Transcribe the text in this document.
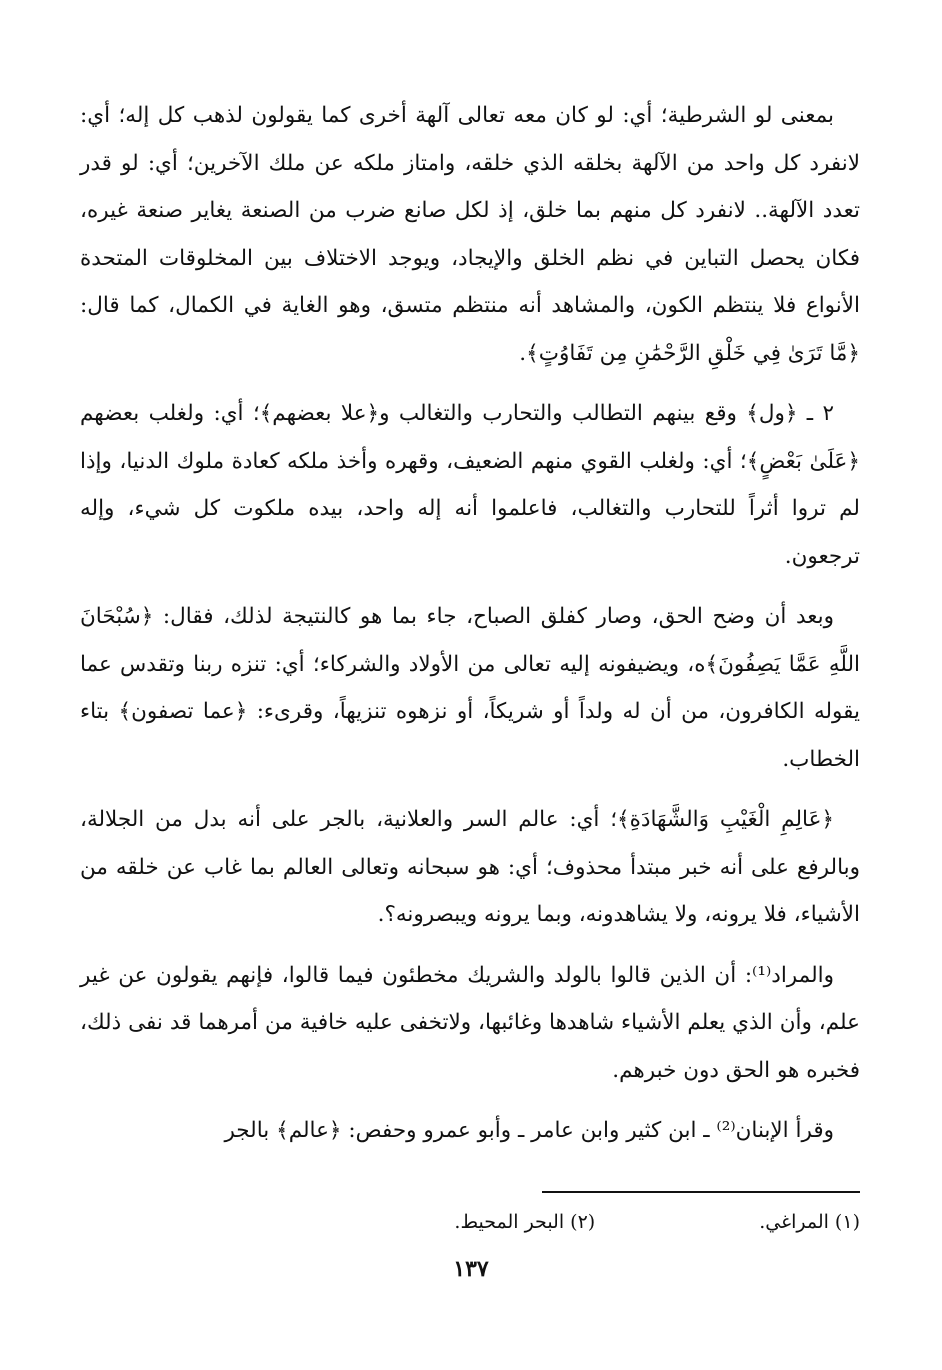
بمعنى لو الشرطية؛ أي: لو كان معه تعالى آلهة أخرى كما يقولون لذهب كل إله؛ أي: لانفرد كل واحد من الآلهة بخلقه الذي خلقه، وامتاز ملكه عن ملك الآخرين؛ أي: لو قدر تعدد الآلهة.. لانفرد كل منهم بما خلق، إذ لكل صانع ضرب من الصنعة يغاير صنعة غيره، فكان يحصل التباين في نظم الخلق والإيجاد، ويوجد الاختلاف بين المخلوقات المتحدة الأنواع فلا ينتظم الكون، والمشاهد أنه منتظم متسق، وهو الغاية في الكمال، كما قال: ﴿مَّا تَرَىٰ فِي خَلْقِ الرَّحْمَٰنِ مِن تَفَاوُتٍ﴾.

٢ ـ ﴿ول﴾ وقع بينهم التطالب والتحارب والتغالب و﴿علا بعضهم﴾؛ أي: ولغلب بعضهم ﴿عَلَىٰ بَعْضٍ﴾؛ أي: ولغلب القوي منهم الضعيف، وقهره وأخذ ملكه كعادة ملوك الدنيا، وإذا لم تروا أثراً للتحارب والتغالب، فاعلموا أنه إله واحد، بيده ملكوت كل شيء، وإله ترجعون.

وبعد أن وضح الحق، وصار كفلق الصباح، جاء بما هو كالنتيجة لذلك، فقال: ﴿سُبْحَانَ اللَّهِ عَمَّا يَصِفُونَ﴾ه، ويضيفونه إليه تعالى من الأولاد والشركاء؛ أي: تنزه ربنا وتقدس عما يقوله الكافرون، من أن له ولداً أو شريكاً، أو نزهوه تنزيهاً، وقرىء: ﴿عما تصفون﴾ بتاء الخطاب.

﴿عَالِمِ الْغَيْبِ وَالشَّهَادَةِ﴾؛ أي: عالم السر والعلانية، بالجر على أنه بدل من الجلالة، وبالرفع على أنه خبر مبتدأ محذوف؛ أي: هو سبحانه وتعالى العالم بما غاب عن خلقه من الأشياء، فلا يرونه، ولا يشاهدونه، وبما يرونه ويبصرونه؟.

والمراد⁽¹⁾: أن الذين قالوا بالولد والشريك مخطئون فيما قالوا، فإنهم يقولون عن غير علم، وأن الذي يعلم الأشياء شاهدها وغائبها، ولاتخفى عليه خافية من أمرهما قد نفى ذلك، فخبره هو الحق دون خبرهم.

وقرأ الإبنان⁽²⁾ ـ ابن كثير وابن عامر ـ وأبو عمرو وحفص: ﴿عالم﴾ بالجر

(١) المراغي. (٢) البحر المحيط.
١٣٧
